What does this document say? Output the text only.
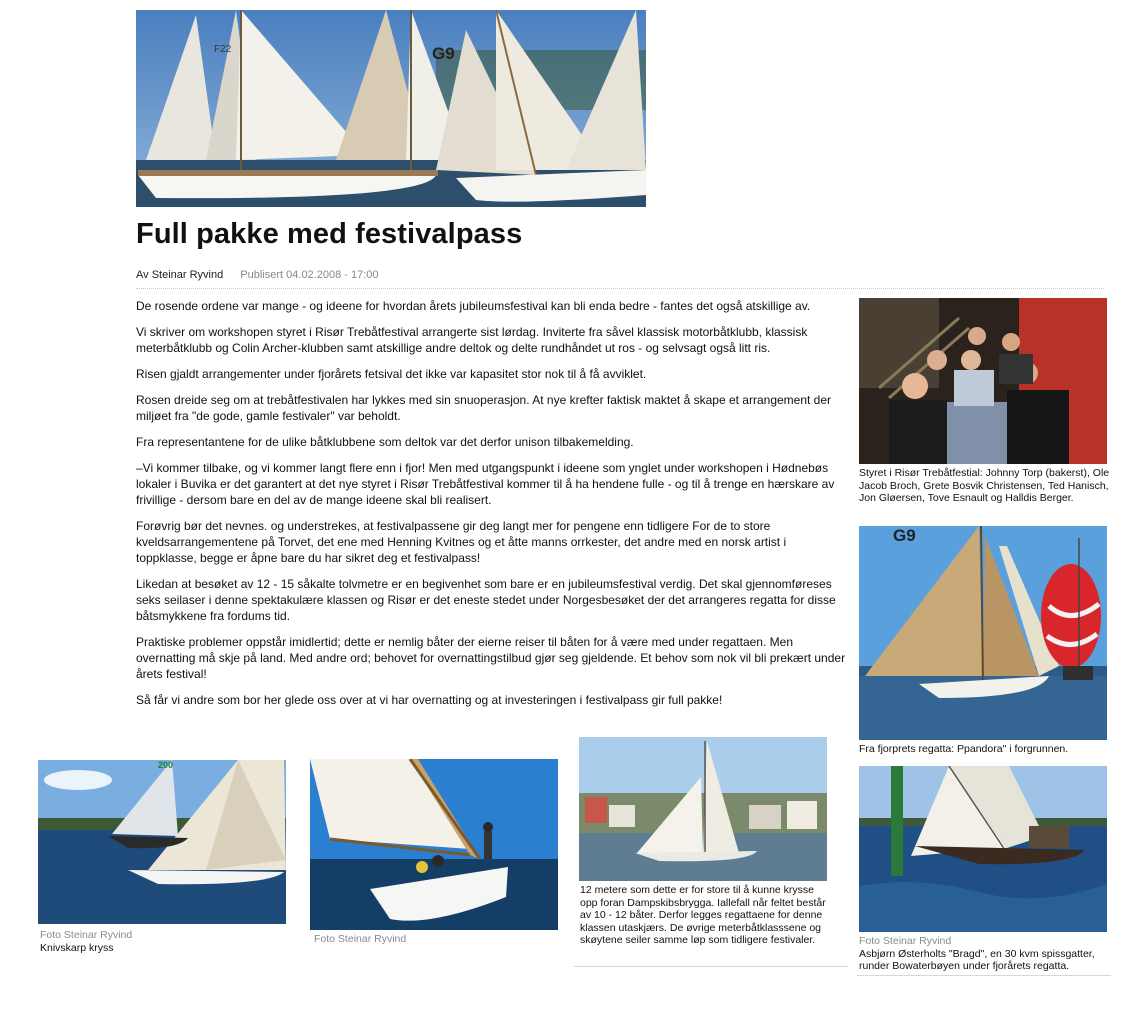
F22	G9
Full pakke med festivalpass
Av Steinar Ryvind Publisert 04.02.2008 - 17:00

De rosende ordene var mange - og ideene for hvordan årets jubileumsfestival kan bli enda bedre - fantes det også atskillige av.

Vi skriver om workshopen styret i Risør Trebåtfestival arrangerte sist lørdag. Inviterte fra såvel klassisk motorbåtklubb, klassisk meterbåtklubb og Colin Archer-klubben samt atskillige andre deltok og delte rundhåndet ut ros - og selvsagt også litt ris.

Risen gjaldt arrangementer under fjorårets fetsival det ikke var kapasitet stor nok til å få avviklet.

Rosen dreide seg om at trebåtfestivalen har lykkes med sin snuoperasjon. At nye krefter faktisk maktet å skape et arrangement der miljøet fra "de gode, gamle festivaler" var beholdt.

Fra representantene for de ulike båtklubbene som deltok var det derfor unison tilbakemelding.

–Vi kommer tilbake, og vi kommer langt flere enn i fjor! Men med utgangspunkt i ideene som ynglet under workshopen i Hødnebøs lokaler i Buvika er det garantert at det nye styret i Risør Trebåtfestival kommer til å ha hendene fulle - og til å trenge en hærskare av frivillige - dersom bare en del av de mange ideene skal bli realisert.

Forøvrig bør det nevnes. og understrekes, at festivalpassene gir deg langt mer for pengene enn tidligere For de to store kveldsarrangementene på Torvet, det ene med Henning Kvitnes og et åtte manns orrkester, det andre med en norsk artist i toppklasse, begge er åpne bare du har sikret deg et festivalpass!

Likedan at besøket av 12 - 15 såkalte tolvmetre er en begivenhet som bare er en jubileumsfestival verdig. Det skal gjennomføreses seks seilaser i denne spektakulære klassen og Risør er det eneste stedet under Norgesbesøket der det arrangeres regatta for disse båtsmykkene fra fordums tid.

Praktiske problemer oppstår imidlertid; dette er nemlig båter der eierne reiser til båten for å være med under regattaen. Men overnatting må skje på land. Med andre ord; behovet for overnattingstilbud gjør seg gjeldende. Et behov som nok vil bli prekært under årets festival!

Så får vi andre som bor her glede oss over at vi har overnatting og at investeringen i festivalpass gir full pakke!

Styret i Risør Trebåtfestial: Johnny Torp (bakerst), Ole Jacob Broch, Grete Bosvik Christensen, Ted Hanisch, Jon Gløersen, Tove Esnault og Halldis Berger.
G9
Fra fjorprets regatta: Ppandora" i forgrunnen.
Foto Steinar Ryvind
Asbjørn Østerholts "Bragd", en 30 kvm spissgatter, runder Bowaterbøyen under fjorårets regatta.
200
Foto Steinar Ryvind
Knivskarp kryss
Foto Steinar Ryvind
12 metere som dette er for store til å kunne krysse opp foran Dampskibsbrygga. Iallefall når feltet består av 10 - 12 båter. Derfor legges regattaene for denne klassen utaskjærs. De øvrige meterbåtklasssene og skøytene seiler samme løp som tidligere festivaler.
